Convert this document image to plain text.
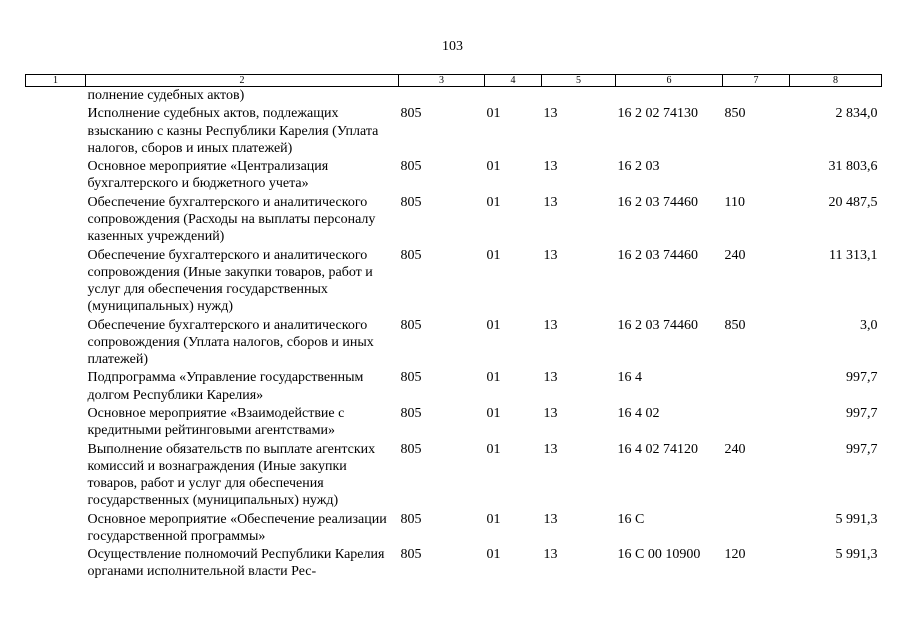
103
1	2	3	4	5	6	7	8
	полнение судебных актов)						
	Исполнение судебных актов, подлежащих взысканию с казны Республики Карелия (Уплата налогов, сборов и иных платежей)	805	01	13	16 2 02 74130	850	2 834,0
	Основное мероприятие «Централизация бухгалтерского и бюджетного учета»	805	01	13	16 2 03		31 803,6
	Обеспечение бухгалтерского и аналитического сопровождения (Расходы на выплаты персоналу казенных учреждений)	805	01	13	16 2 03 74460	110	20 487,5
	Обеспечение бухгалтерского и аналитического сопровождения (Иные закупки товаров, работ и услуг для обеспечения государственных (муниципальных) нужд)	805	01	13	16 2 03 74460	240	11 313,1
	Обеспечение бухгалтерского и аналитического сопровождения (Уплата налогов, сборов и иных платежей)	805	01	13	16 2 03 74460	850	3,0
	Подпрограмма «Управление государственным долгом Республики Карелия»	805	01	13	16 4		997,7
	Основное мероприятие «Взаимодействие с кредитными рейтинговыми агентствами»	805	01	13	16 4 02		997,7
	Выполнение обязательств по выплате агентских комиссий и вознаграждения (Иные закупки товаров, работ и услуг для обеспечения государственных (муниципальных) нужд)	805	01	13	16 4 02 74120	240	997,7
	Основное мероприятие «Обеспечение реализации государственной программы»	805	01	13	16 С		5 991,3
	Осуществление полномочий Республики Карелия органами исполнительной власти Рес-	805	01	13	16 С 00 10900	120	5 991,3
